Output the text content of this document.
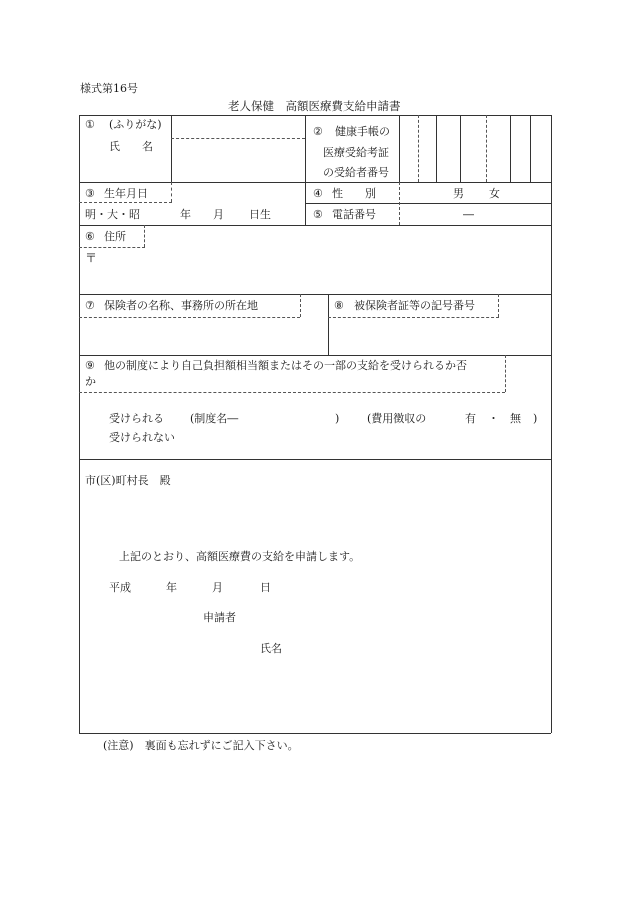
様式第16号
老人保健　高額医療費支給申請書
① (ふりがな)
氏　　名
② 健康手帳の
医療受給考証
の受給者番号
③ 生年月日
明・大・昭	年 月 日生
④ 性　　別	男 女
⑤ 電話番号	―
⑥ 住所
〒
⑦ 保険者の名称、事務所の所在地	⑧ 被保険者証等の記号番号
⑨ 他の制度により自己負担額相当額またはその一部の支給を受けられるか否
か
受けられる (制度名―	)	(費用徴収の	有 ・ 無 )
受けられない
市(区)町村長　殿
上記のとおり、高額医療費の支給を申請します。
平成	年	月	日
申請者
氏名
(注意)　裏面も忘れずにご記入下さい。
